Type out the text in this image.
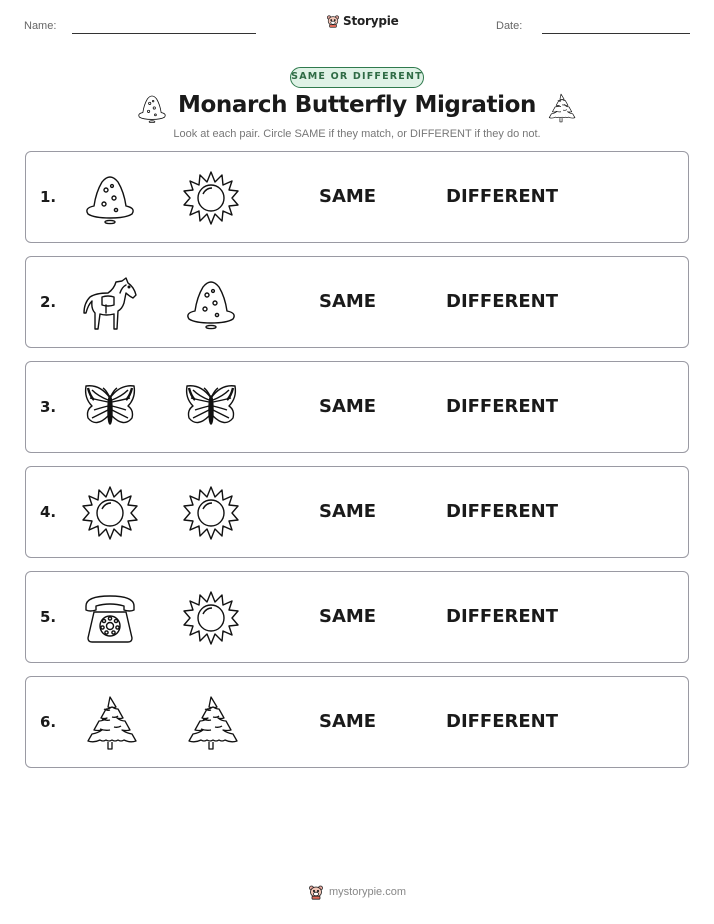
Name:	Storypie	Date:
SAME OR DIFFERENT
Monarch Butterfly Migration
Look at each pair. Circle SAME if they match, or DIFFERENT if they do not.
1.	SAME	DIFFERENT
2.	SAME	DIFFERENT
3.	SAME	DIFFERENT
4.	SAME	DIFFERENT
5.	SAME	DIFFERENT
6.	SAME	DIFFERENT
mystorypie.com
